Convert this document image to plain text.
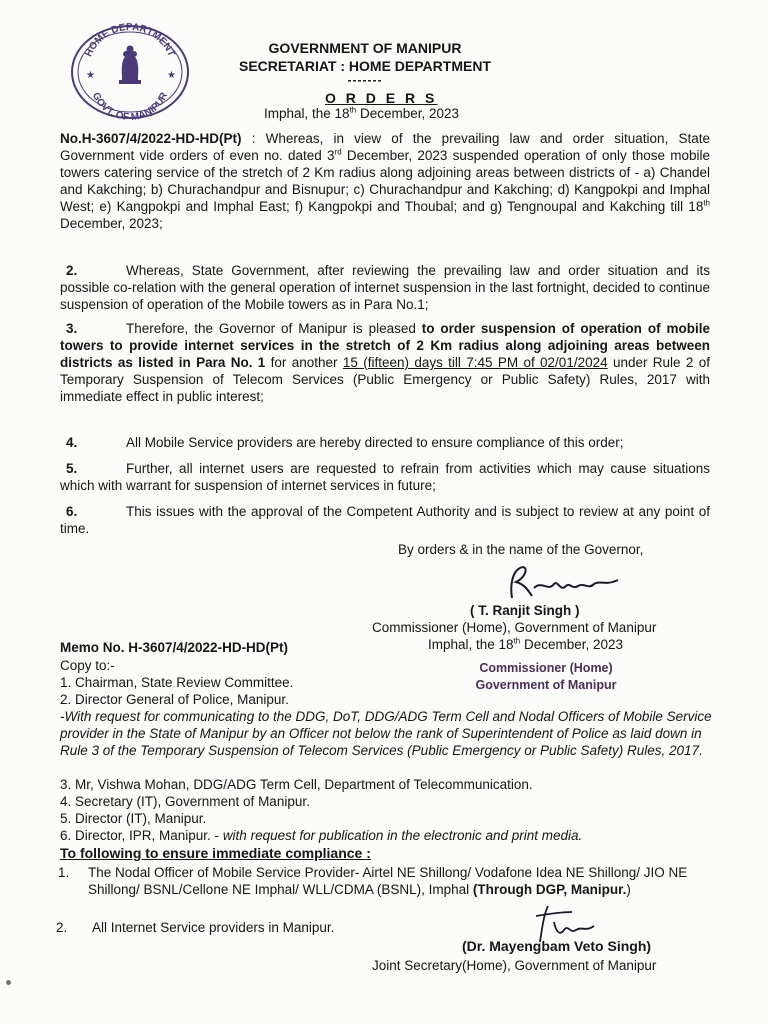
HOME DEPARTMENT
GOVT. OF MANIPUR
★	★
GOVERNMENT OF MANIPUR
SECRETARIAT : HOME DEPARTMENT
-------
O R D E R S
Imphal, the 18th December, 2023
No.H-3607/4/2022-HD-HD(Pt) : Whereas, in view of the prevailing law and order situation, State Government vide orders of even no. dated 3rd December, 2023 suspended operation of only those mobile towers catering service of the stretch of 2 Km radius along adjoining areas between districts of - a) Chandel and Kakching; b) Churachandpur and Bisnupur; c) Churachandpur and Kakching; d) Kangpokpi and Imphal West; e) Kangpokpi and Imphal East; f) Kangpokpi and Thoubal; and g) Tengnoupal and Kakching till 18th December, 2023;
2.	Whereas, State Government, after reviewing the prevailing law and order situation and its possible co-relation with the general operation of internet suspension in the last fortnight, decided to continue suspension of operation of the Mobile towers as in Para No.1;
3.	Therefore, the Governor of Manipur is pleased to order suspension of operation of mobile towers to provide internet services in the stretch of 2 Km radius along adjoining areas between districts as listed in Para No. 1 for another 15 (fifteen) days till 7:45 PM of 02/01/2024 under Rule 2 of Temporary Suspension of Telecom Services (Public Emergency or Public Safety) Rules, 2017 with immediate effect in public interest;
4.	All Mobile Service providers are hereby directed to ensure compliance of this order;
5.	Further, all internet users are requested to refrain from activities which may cause situations which with warrant for suspension of internet services in future;
6.	This issues with the approval of the Competent Authority and is subject to review at any point of time.
By orders & in the name of the Governor,
( T. Ranjit Singh )
Commissioner (Home), Government of Manipur
Imphal, the 18th December, 2023
Commissioner (Home)
Government of Manipur
Memo No. H-3607/4/2022-HD-HD(Pt)
Copy to:-
1. Chairman, State Review Committee.
2. Director General of Police, Manipur.
-With request for communicating to the DDG, DoT, DDG/ADG Term Cell and Nodal Officers of Mobile Service provider in the State of Manipur by an Officer not below the rank of Superintendent of Police as laid down in Rule 3 of the Temporary Suspension of Telecom Services (Public Emergency or Public Safety) Rules, 2017.
3. Mr, Vishwa Mohan, DDG/ADG Term Cell, Department of Telecommunication.
4. Secretary (IT), Government of Manipur.
5. Director (IT), Manipur.
6. Director, IPR, Manipur. - with request for publication in the electronic and print media.
To following to ensure immediate compliance :
1. The Nodal Officer of Mobile Service Provider- Airtel NE Shillong/ Vodafone Idea NE Shillong/ JIO NE Shillong/ BSNL/Cellone NE Imphal/ WLL/CDMA (BSNL), Imphal (Through DGP, Manipur.)
2. All Internet Service providers in Manipur.
(Dr. Mayengbam Veto Singh)
Joint Secretary(Home), Government of Manipur
